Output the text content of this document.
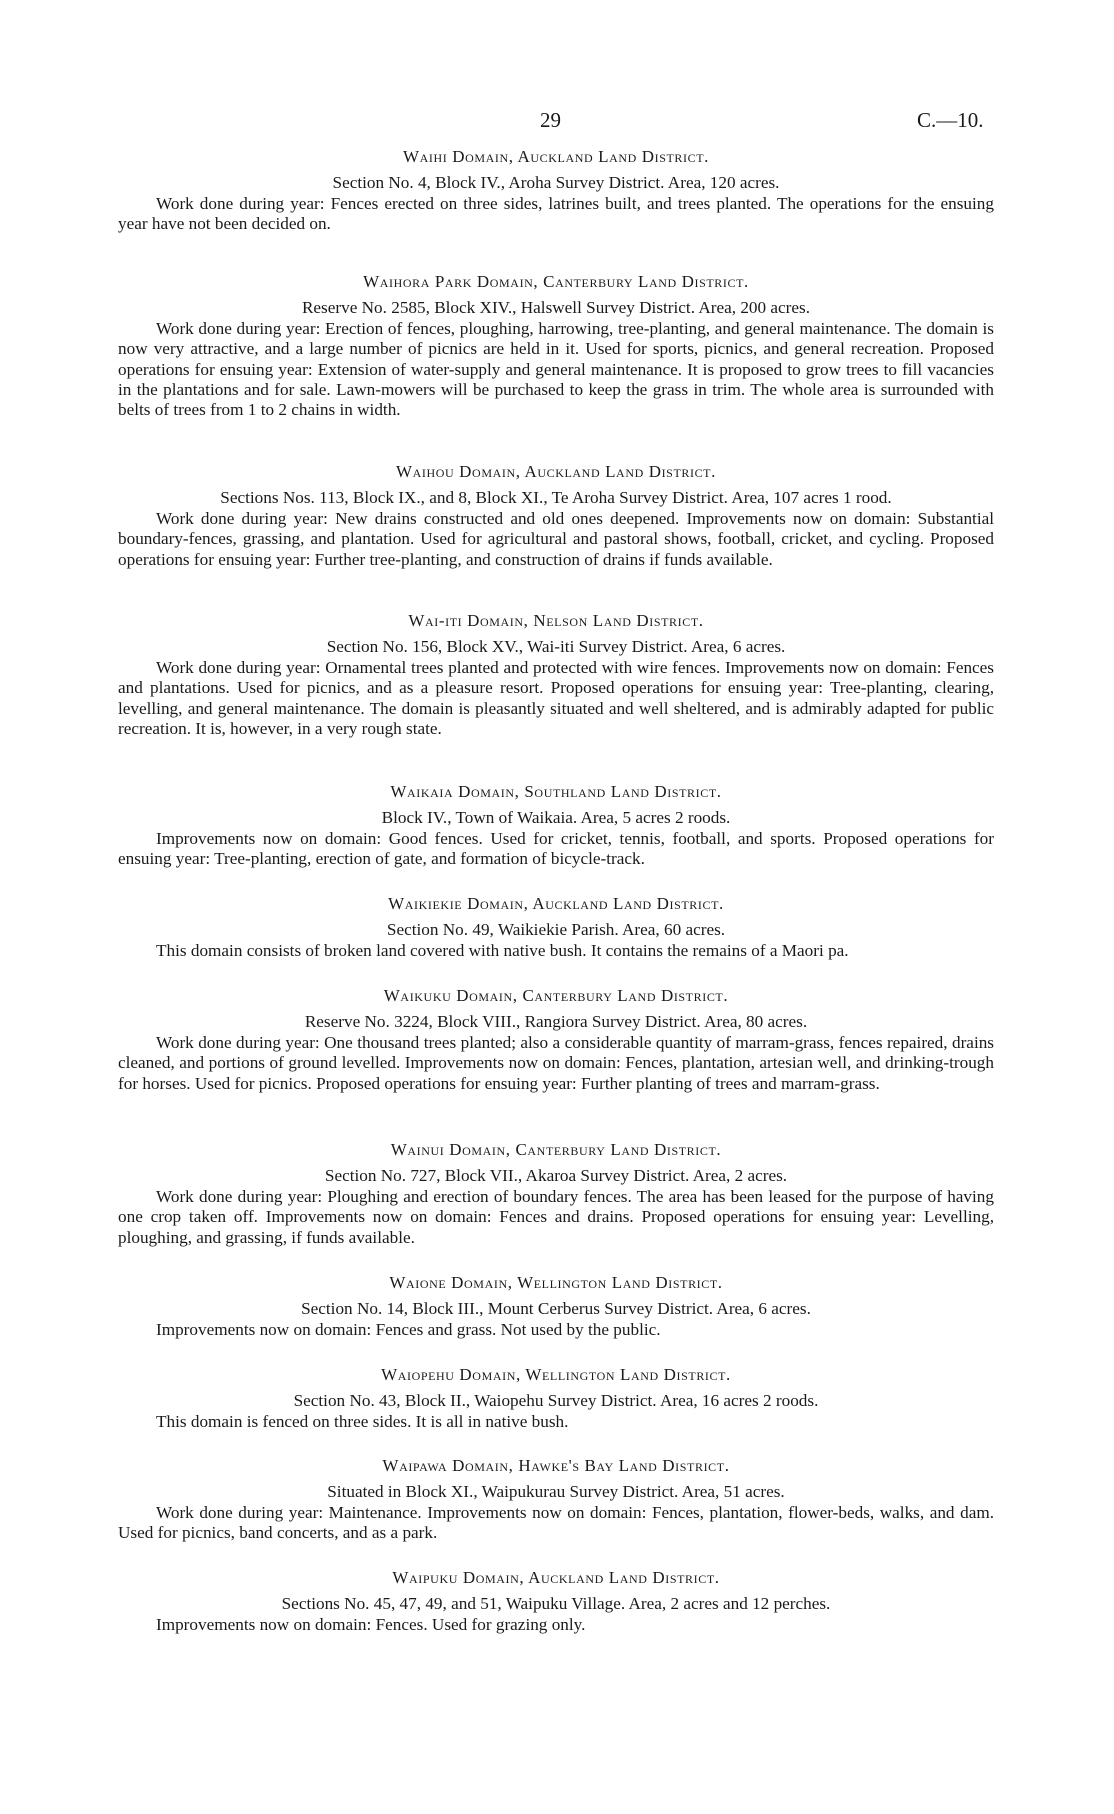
29	C.—10.
Waihi Domain, Auckland Land District.
Section No. 4, Block IV., Aroha Survey District. Area, 120 acres.

Work done during year: Fences erected on three sides, latrines built, and trees planted. The operations for the ensuing year have not been decided on.

Waihora Park Domain, Canterbury Land District.
Reserve No. 2585, Block XIV., Halswell Survey District. Area, 200 acres.

Work done during year: Erection of fences, ploughing, harrowing, tree-planting, and general maintenance. The domain is now very attractive, and a large number of picnics are held in it. Used for sports, picnics, and general recreation. Proposed operations for ensuing year: Extension of water-supply and general maintenance. It is proposed to grow trees to fill vacancies in the plantations and for sale. Lawn-mowers will be purchased to keep the grass in trim. The whole area is surrounded with belts of trees from 1 to 2 chains in width.

Waihou Domain, Auckland Land District.
Sections Nos. 113, Block IX., and 8, Block XI., Te Aroha Survey District. Area, 107 acres 1 rood.

Work done during year: New drains constructed and old ones deepened. Improvements now on domain: Substantial boundary-fences, grassing, and plantation. Used for agricultural and pastoral shows, football, cricket, and cycling. Proposed operations for ensuing year: Further tree-planting, and construction of drains if funds available.

Wai-iti Domain, Nelson Land District.
Section No. 156, Block XV., Wai-iti Survey District. Area, 6 acres.

Work done during year: Ornamental trees planted and protected with wire fences. Improvements now on domain: Fences and plantations. Used for picnics, and as a pleasure resort. Proposed operations for ensuing year: Tree-planting, clearing, levelling, and general maintenance. The domain is pleasantly situated and well sheltered, and is admirably adapted for public recreation. It is, however, in a very rough state.

Waikaia Domain, Southland Land District.
Block IV., Town of Waikaia. Area, 5 acres 2 roods.

Improvements now on domain: Good fences. Used for cricket, tennis, football, and sports. Proposed operations for ensuing year: Tree-planting, erection of gate, and formation of bicycle-track.

Waikiekie Domain, Auckland Land District.
Section No. 49, Waikiekie Parish. Area, 60 acres.

This domain consists of broken land covered with native bush. It contains the remains of a Maori pa.

Waikuku Domain, Canterbury Land District.
Reserve No. 3224, Block VIII., Rangiora Survey District. Area, 80 acres.

Work done during year: One thousand trees planted; also a considerable quantity of marram-grass, fences repaired, drains cleaned, and portions of ground levelled. Improvements now on domain: Fences, plantation, artesian well, and drinking-trough for horses. Used for picnics. Proposed operations for ensuing year: Further planting of trees and marram-grass.

Wainui Domain, Canterbury Land District.
Section No. 727, Block VII., Akaroa Survey District. Area, 2 acres.

Work done during year: Ploughing and erection of boundary fences. The area has been leased for the purpose of having one crop taken off. Improvements now on domain: Fences and drains. Proposed operations for ensuing year: Levelling, ploughing, and grassing, if funds available.

Waione Domain, Wellington Land District.
Section No. 14, Block III., Mount Cerberus Survey District. Area, 6 acres.

Improvements now on domain: Fences and grass. Not used by the public.

Waiopehu Domain, Wellington Land District.
Section No. 43, Block II., Waiopehu Survey District. Area, 16 acres 2 roods.

This domain is fenced on three sides. It is all in native bush.

Waipawa Domain, Hawke's Bay Land District.
Situated in Block XI., Waipukurau Survey District. Area, 51 acres.

Work done during year: Maintenance. Improvements now on domain: Fences, plantation, flower-beds, walks, and dam. Used for picnics, band concerts, and as a park.

Waipuku Domain, Auckland Land District.
Sections No. 45, 47, 49, and 51, Waipuku Village. Area, 2 acres and 12 perches.

Improvements now on domain: Fences. Used for grazing only.
